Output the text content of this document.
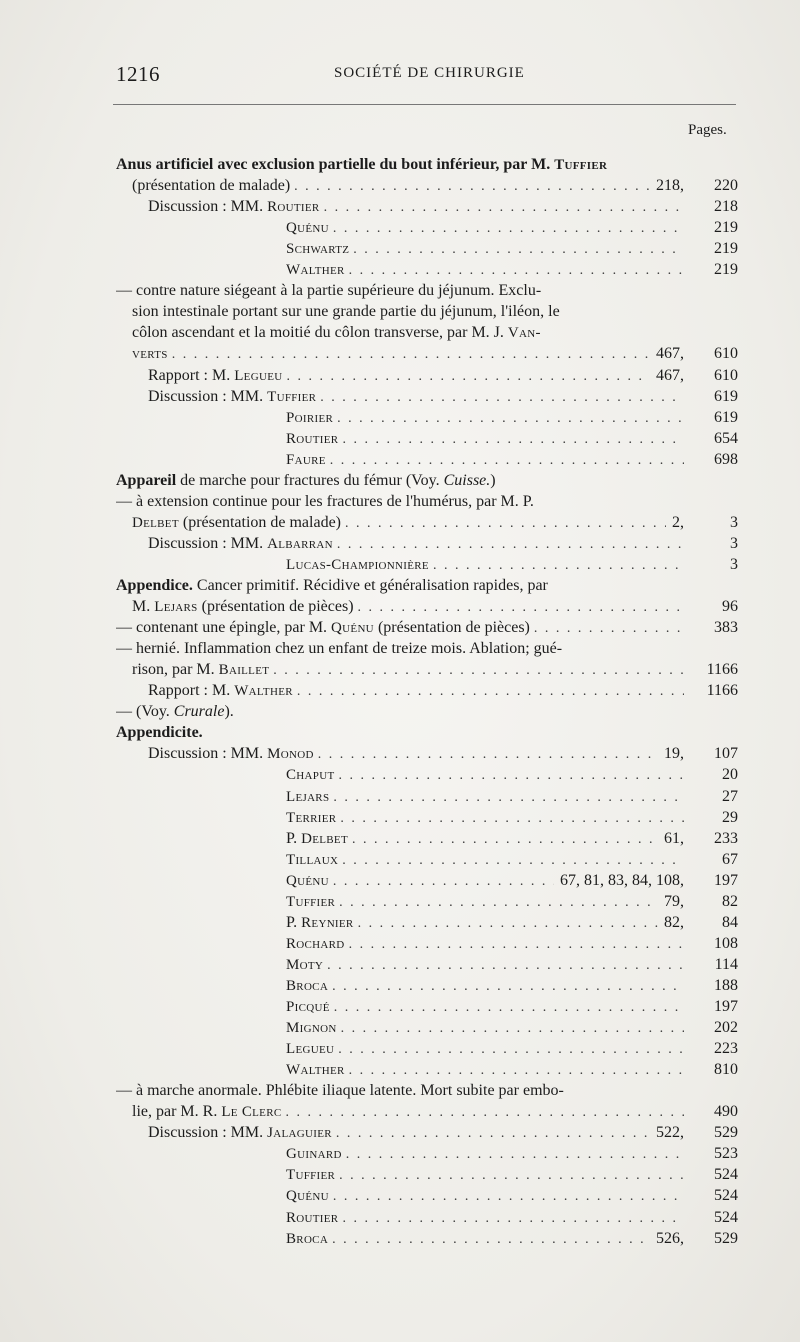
1216	SOCIÉTÉ DE CHIRURGIE
Pages.
Anus artificiel avec exclusion partielle du bout inférieur, par M. Tuffier
(présentation de malade) . . .	218,	220
Discussion : MM. Routier . . .	218
Quénu . . .	219
Schwartz . . .	219
Walther . . .	219
— contre nature siégeant à la partie supérieure du jéjunum. Exclu-
sion intestinale portant sur une grande partie du jéjunum, l'iléon, le
côlon ascendant et la moitié du côlon transverse, par M. J. Van-
verts . . .	467,	610
Rapport : M. Legueu . . .	467,	610
Discussion : MM. Tuffier . . .	619
Poirier . . .	619
Routier . . .	654
Faure . . .	698
Appareil de marche pour fractures du fémur (Voy. Cuisse.)
— à extension continue pour les fractures de l'humérus, par M. P.
Delbet (présentation de malade) . . .	2,	3
Discussion : MM. Albarran . . .	3
Lucas-Championnière . . .	3
Appendice. Cancer primitif. Récidive et généralisation rapides, par
M. Lejars (présentation de pièces) . . .	96
— contenant une épingle, par M. Quénu (présentation de pièces) . . .	383
— hernié. Inflammation chez un enfant de treize mois. Ablation; gué-
rison, par M. Baillet . . .	1166
Rapport : M. Walther . . .	1166
— (Voy. Crurale).
Appendicite.
Discussion : MM. Monod . . .	19,	107
Chaput . . .	20
Lejars . . .	27
Terrier . . .	29
P. Delbet . . .	61,	233
Tillaux . . .	67
Quénu . . .	67, 81, 83, 84, 108,	197
Tuffier . . .	79,	82
P. Reynier . . .	82,	84
Rochard . . .	108
Moty . . .	114
Broca . . .	188
Picqué . . .	197
Mignon . . .	202
Legueu . . .	223
Walther . . .	810
— à marche anormale. Phlébite iliaque latente. Mort subite par embo-
lie, par M. R. Le Clerc . . .	490
Discussion : MM. Jalaguier . . .	522,	529
Guinard . . .	523
Tuffier . . .	524
Quénu . . .	524
Routier . . .	524
Broca . . .	526,	529
